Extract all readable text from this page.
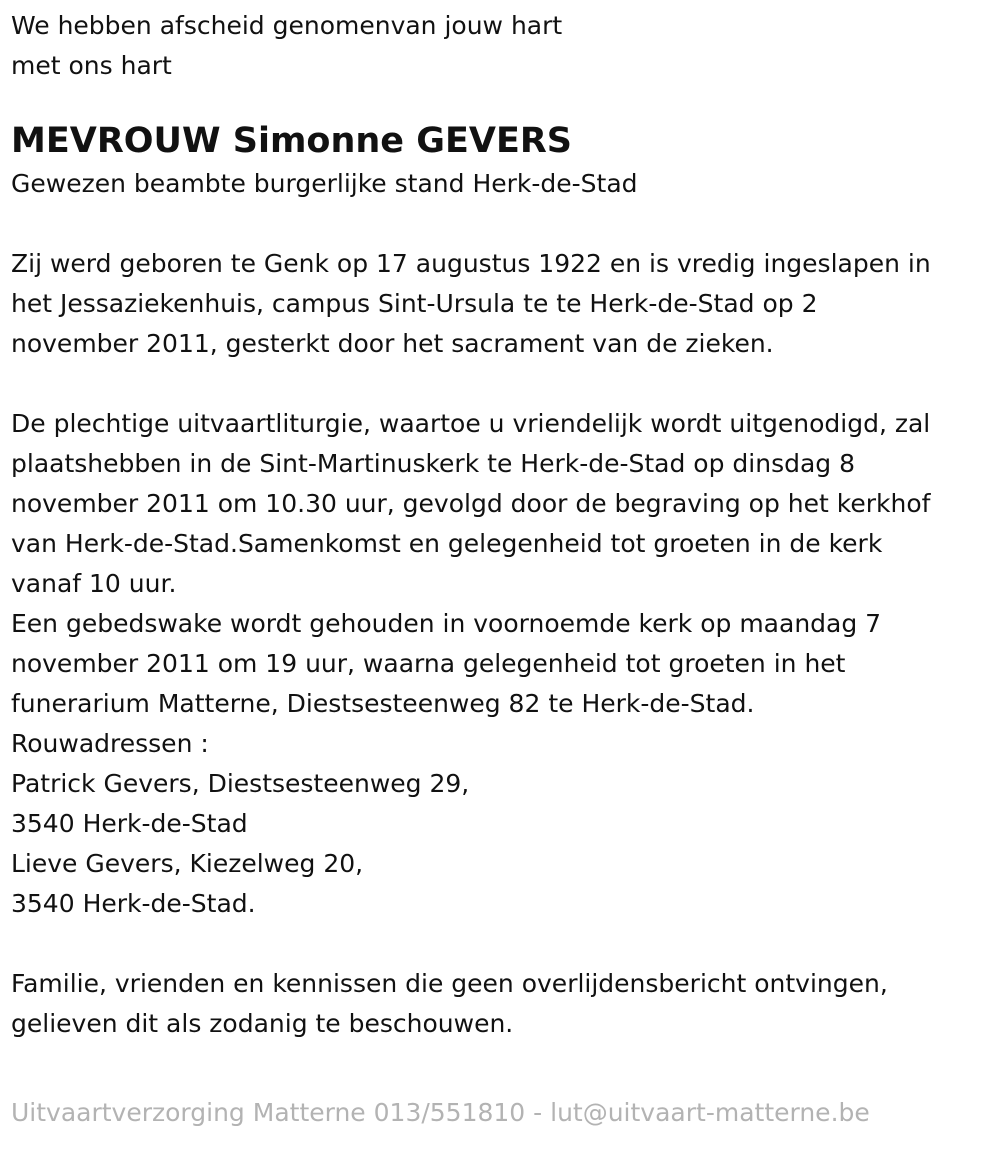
We hebben afscheid genomenvan jouw hart

met ons hart

MEVROUW Simonne GEVERS

Gewezen beambte burgerlijke stand Herk-de-Stad

Zij werd geboren te Genk op 17 augustus 1922 en is vredig ingeslapen in

het Jessaziekenhuis, campus Sint-Ursula te te Herk-de-Stad op 2

november 2011, gesterkt door het sacrament van de zieken.

De plechtige uitvaartliturgie, waartoe u vriendelijk wordt uitgenodigd, zal

plaatshebben in de Sint-Martinuskerk te Herk-de-Stad op dinsdag 8

november 2011 om 10.30 uur, gevolgd door de begraving op het kerkhof

van Herk-de-Stad.Samenkomst en gelegenheid tot groeten in de kerk

vanaf 10 uur.

Een gebedswake wordt gehouden in voornoemde kerk op maandag 7

november 2011 om 19 uur, waarna gelegenheid tot groeten in het

funerarium Matterne, Diestsesteenweg 82 te Herk-de-Stad.

Rouwadressen :

Patrick Gevers, Diestsesteenweg 29,

3540 Herk-de-Stad

Lieve Gevers, Kiezelweg 20,

3540 Herk-de-Stad.

Familie, vrienden en kennissen die geen overlijdensbericht ontvingen,

gelieven dit als zodanig te beschouwen.

Uitvaartverzorging Matterne 013/551810 - lut@uitvaart-matterne.be
